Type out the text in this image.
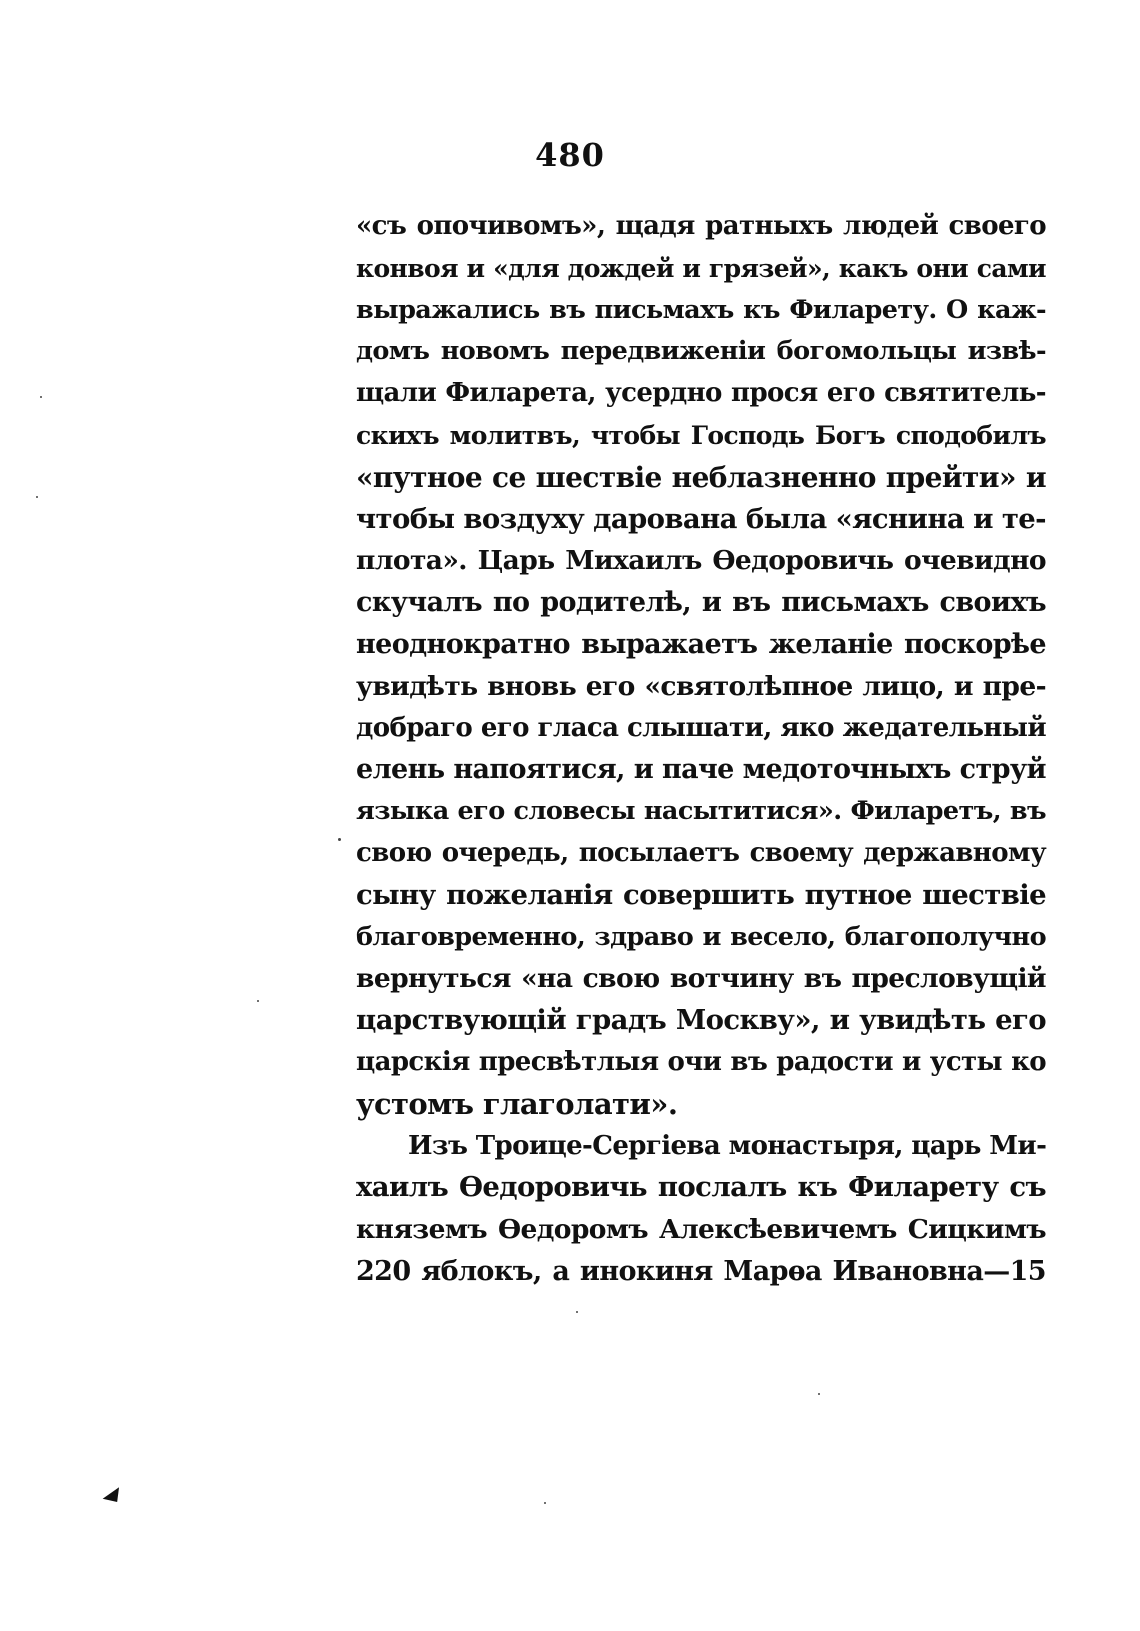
480
«съ опочивомъ», щадя ратныхъ людей своего
конвоя и «для дождей и грязей», какъ они сами
выражались въ письмахъ къ Филарету. О каж-
домъ новомъ передвиженіи богомольцы извѣ-
щали Филарета, усердно прося его святитель-
скихъ молитвъ, чтобы Господь Богъ сподобилъ
«путное се шествіе неблазненно прейти» и
чтобы воздуху дарована была «яснина и те-
плота». Царь Михаилъ Ѳедоровичь очевидно
скучалъ по родителѣ, и въ письмахъ своихъ
неоднократно выражаетъ желаніе поскорѣе
увидѣть вновь его «святолѣпное лицо, и пре-
добраго его гласа слышати, яко жедательный
елень напоятися, и паче медоточныхъ струй
языка его словесы насытитися». Филаретъ, въ
свою очередь, посылаетъ своему державному
сыну пожеланія совершить путное шествіе
благовременно, здраво и весело, благополучно
вернуться «на свою вотчину въ пресловущій
царствующій градъ Москву», и увидѣть его
царскія пресвѣтлыя очи въ радости и усты ко
устомъ глаголати».
Изъ Троице-Сергіева монастыря, царь Ми-
хаилъ Ѳедоровичь послалъ къ Филарету съ
княземъ Ѳедоромъ Алексѣевичемъ Сицкимъ
220 яблокъ, а инокиня Марѳа Ивановна—15
